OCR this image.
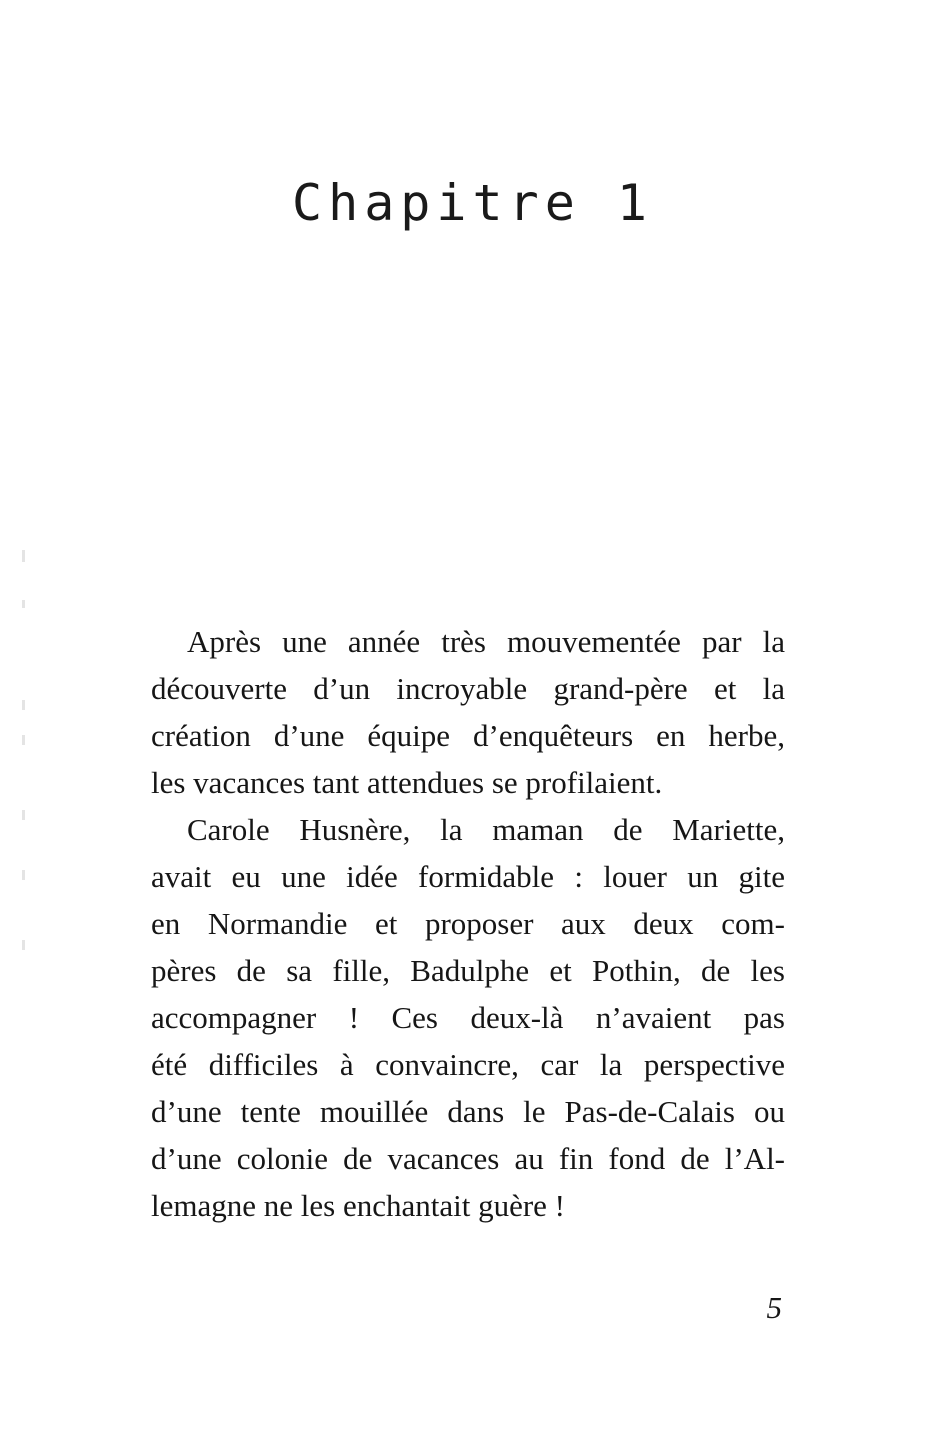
Chapitre 1
Après une année très mouvementée par la
découverte d’un incroyable grand-père et la
création d’une équipe d’enquêteurs en herbe,
les vacances tant attendues se profilaient.
Carole Husnère, la maman de Mariette,
avait eu une idée formidable : louer un gite
en Normandie et proposer aux deux com-
pères de sa fille, Badulphe et Pothin, de les
accompagner ! Ces deux-là n’avaient pas
été difficiles à convaincre, car la perspective
d’une tente mouillée dans le Pas-de-Calais ou
d’une colonie de vacances au fin fond de l’Al-
lemagne ne les enchantait guère !
5
